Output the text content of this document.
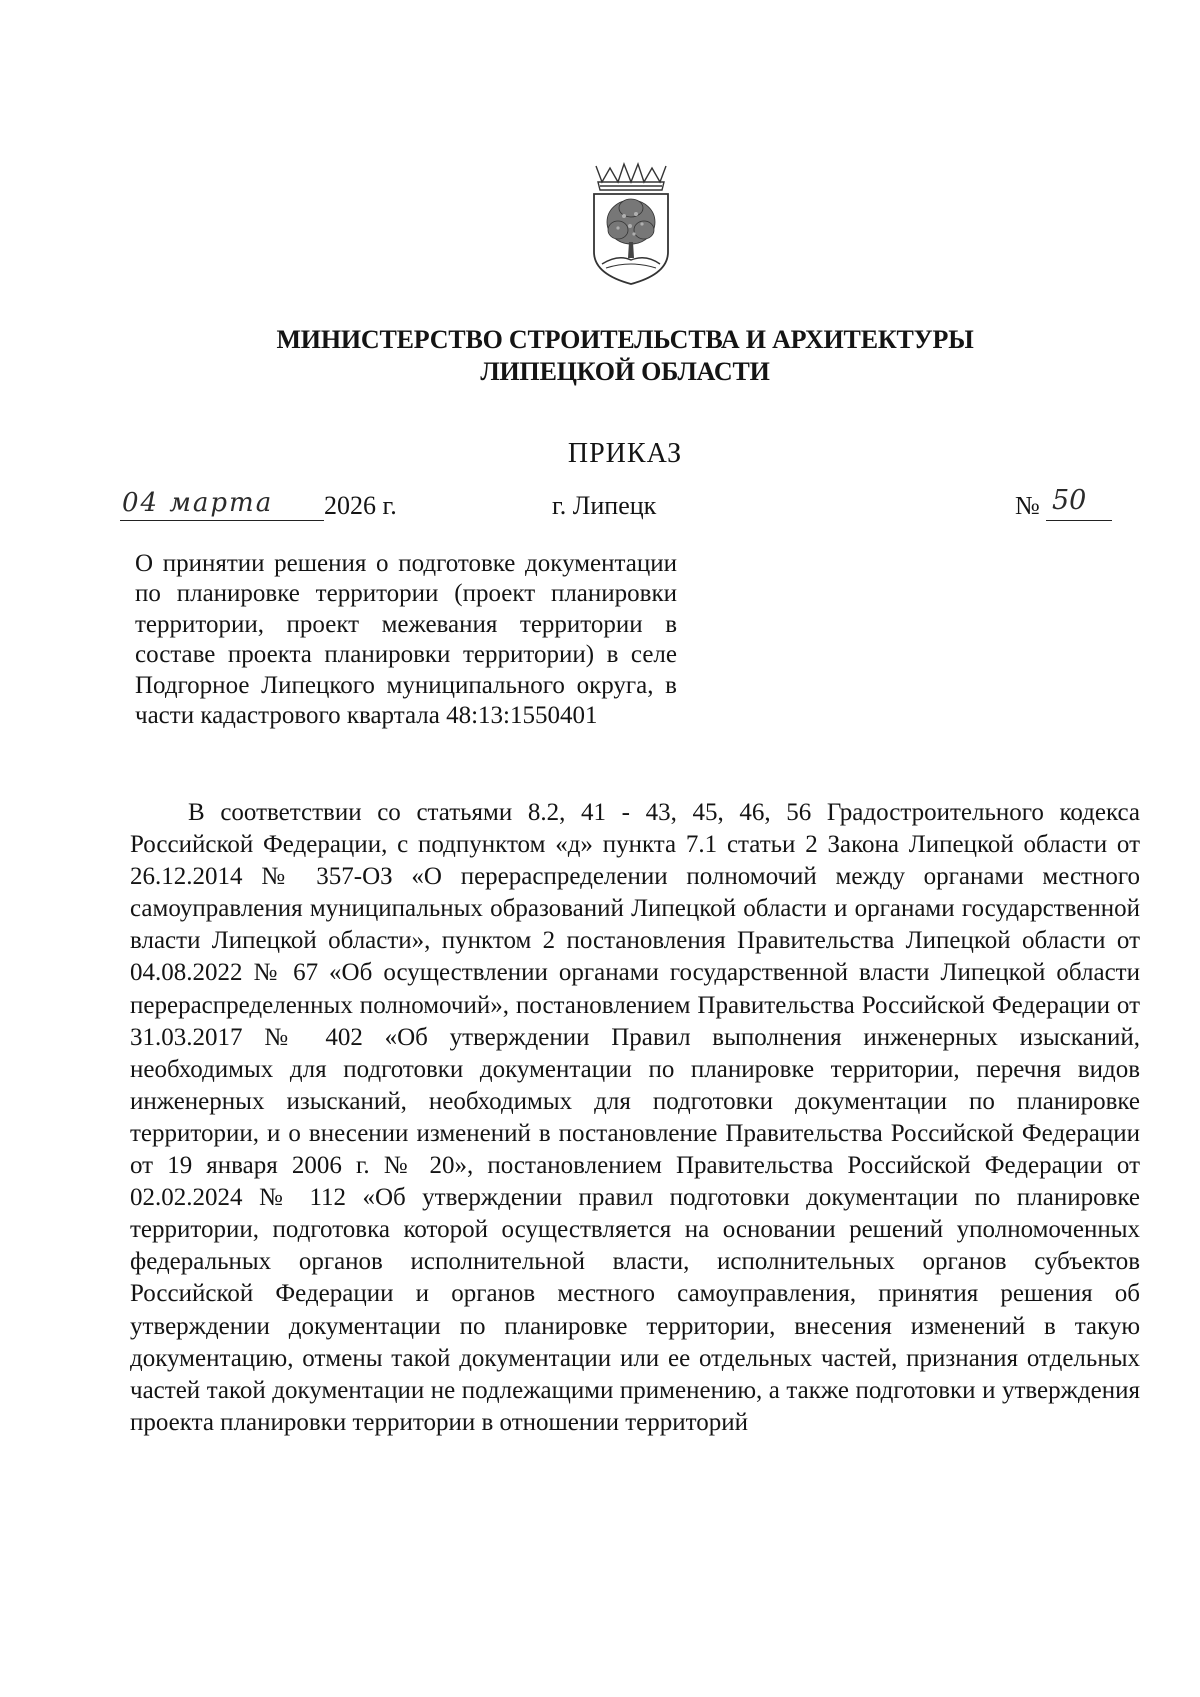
МИНИСТЕРСТВО СТРОИТЕЛЬСТВА И АРХИТЕКТУРЫ
ЛИПЕЦКОЙ ОБЛАСТИ
ПРИКАЗ
04 марта	2026 г.	г. Липецк	№ 50
О принятии решения о подготовке документации по планировке территории (проект планировки территории, проект межевания территории в составе проекта планировки территории) в селе Подгорное Липецкого муниципального округа, в части кадастрового квартала 48:13:1550401

В соответствии со статьями 8.2, 41 - 43, 45, 46, 56 Градостроительного кодекса Российской Федерации, с подпунктом «д» пункта 7.1 статьи 2 Закона Липецкой области от 26.12.2014 № 357-ОЗ «О перераспределении полномочий между органами местного самоуправления муниципальных образований Липецкой области и органами государственной власти Липецкой области», пунктом 2 постановления Правительства Липецкой области от 04.08.2022 № 67 «Об осуществлении органами государственной власти Липецкой области перераспределенных полномочий», постановлением Правительства Российской Федерации от 31.03.2017 № 402 «Об утверждении Правил выполнения инженерных изысканий, необходимых для подготовки документации по планировке территории, перечня видов инженерных изысканий, необходимых для подготовки документации по планировке территории, и о внесении изменений в постановление Правительства Российской Федерации от 19 января 2006 г. № 20», постановлением Правительства Российской Федерации от 02.02.2024 № 112 «Об утверждении правил подготовки документации по планировке территории, подготовка которой осуществляется на основании решений уполномоченных федеральных органов исполнительной власти, исполнительных органов субъектов Российской Федерации и органов местного самоуправления, принятия решения об утверждении документации по планировке территории, внесения изменений в такую документацию, отмены такой документации или ее отдельных частей, признания отдельных частей такой документации не подлежащими применению, а также подготовки и утверждения проекта планировки территории в отношении территорий
